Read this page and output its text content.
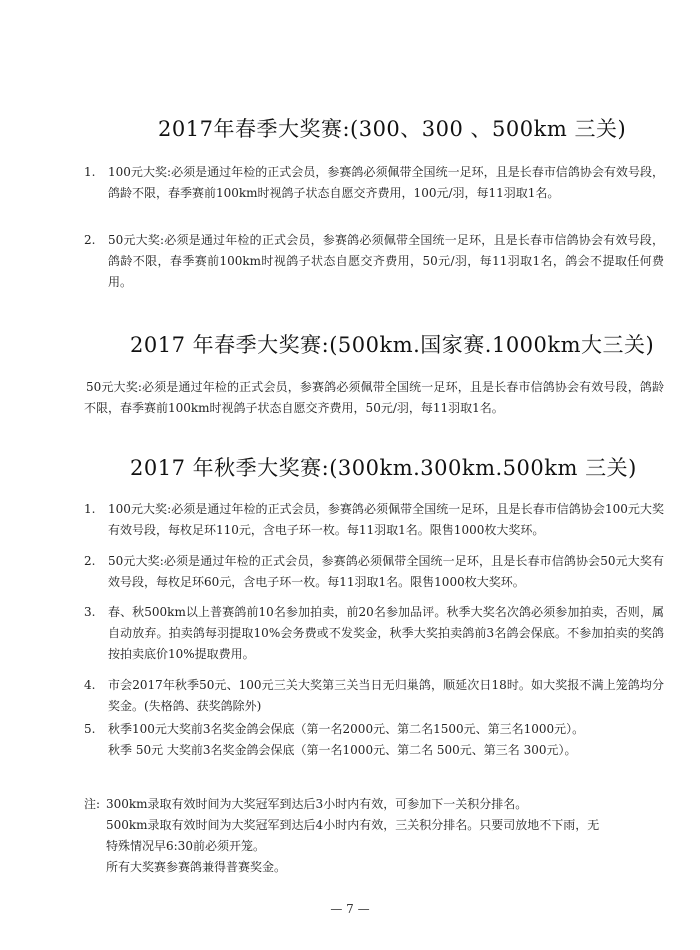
2017年春季大奖赛:(300、300 、500km 三关)
1.	100元大奖:必须是通过年检的正式会员，参赛鸽必须佩带全国统一足环，且是长春市信鸽协会有效号段，鸽龄不限，春季赛前100km时视鸽子状态自愿交齐费用，100元/羽，每11羽取1名。
2.	50元大奖:必须是通过年检的正式会员，参赛鸽必须佩带全国统一足环，且是长春市信鸽协会有效号段，鸽龄不限，春季赛前100km时视鸽子状态自愿交齐费用，50元/羽，每11羽取1名，鸽会不提取任何费用。
2017 年春季大奖赛:(500km.国家赛.1000km大三关)
50元大奖:必须是通过年检的正式会员，参赛鸽必须佩带全国统一足环，且是长春市信鸽协会有效号段，鸽龄不限，春季赛前100km时视鸽子状态自愿交齐费用，50元/羽，每11羽取1名。
2017 年秋季大奖赛:(300km.300km.500km 三关)
1.	100元大奖:必须是通过年检的正式会员，参赛鸽必须佩带全国统一足环，且是长春市信鸽协会100元大奖有效号段，每枚足环110元，含电子环一枚。每11羽取1名。限售1000枚大奖环。
2.	50元大奖:必须是通过年检的正式会员，参赛鸽必须佩带全国统一足环，且是长春市信鸽协会50元大奖有效号段，每枚足环60元，含电子环一枚。每11羽取1名。限售1000枚大奖环。
3.	春、秋500km以上普赛鸽前10名参加拍卖，前20名参加品评。秋季大奖名次鸽必须参加拍卖，否则，属自动放弃。拍卖鸽每羽提取10%会务费或不发奖金，秋季大奖拍卖鸽前3名鸽会保底。不参加拍卖的奖鸽按拍卖底价10%提取费用。
4.	市会2017年秋季50元、100元三关大奖第三关当日无归巢鸽，顺延次日18时。如大奖报不满上笼鸽均分奖金。(失格鸽、获奖鸽除外)
5.	秋季100元大奖前3名奖金鸽会保底（第一名2000元、第二名1500元、第三名1000元）。
秋季 50元 大奖前3名奖金鸽会保底（第一名1000元、第二名 500元、第三名 300元）。
注: 300km录取有效时间为大奖冠军到达后3小时内有效，可参加下一关积分排名。
500km录取有效时间为大奖冠军到达后4小时内有效，三关积分排名。只要司放地不下雨，无
特殊情况早6:30前必须开笼。
所有大奖赛参赛鸽兼得普赛奖金。
— 7 —
